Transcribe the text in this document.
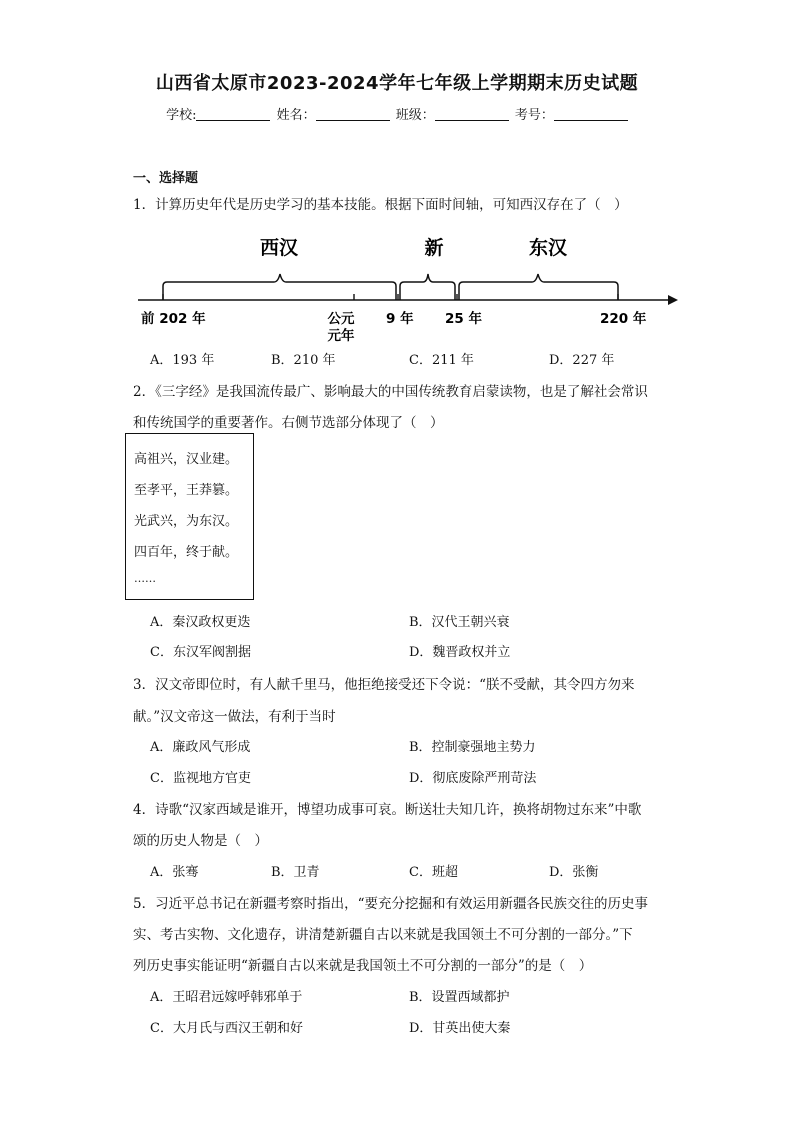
山西省太原市2023-2024学年七年级上学期期末历史试题
学校:	姓名：	班级：	考号：
一、选择题
1．计算历史年代是历史学习的基本技能。根据下面时间轴，可知西汉存在了（　）
西汉	新	东汉
前 202 年	公元
元年
9 年 25 年	220 年
A．193 年	B．210 年	C．211 年	D．227 年
2．《三字经》是我国流传最广、影响最大的中国传统教育启蒙读物，也是了解社会常识
和传统国学的重要著作。右侧节选部分体现了（　）
高祖兴，汉业建。
至孝平，王莽篡。
光武兴，为东汉。
四百年，终于献。
……
A．秦汉政权更迭	B．汉代王朝兴衰
C．东汉军阀割据	D．魏晋政权并立
3．汉文帝即位时，有人献千里马，他拒绝接受还下令说：“朕不受献，其令四方勿来
献。”汉文帝这一做法，有利于当时
A．廉政风气形成	B．控制豪强地主势力
C．监视地方官吏	D．彻底废除严刑苛法
4．诗歌“汉家西域是谁开，博望功成事可哀。断送壮夫知几许，换将胡物过东来”中歌
颂的历史人物是（　）
A．张骞	B．卫青	C．班超	D．张衡
5．习近平总书记在新疆考察时指出，“要充分挖掘和有效运用新疆各民族交往的历史事
实、考古实物、文化遗存，讲清楚新疆自古以来就是我国领土不可分割的一部分。”下
列历史事实能证明“新疆自古以来就是我国领土不可分割的一部分”的是（　）
A．王昭君远嫁呼韩邪单于	B．设置西域都护
C．大月氏与西汉王朝和好	D．甘英出使大秦
